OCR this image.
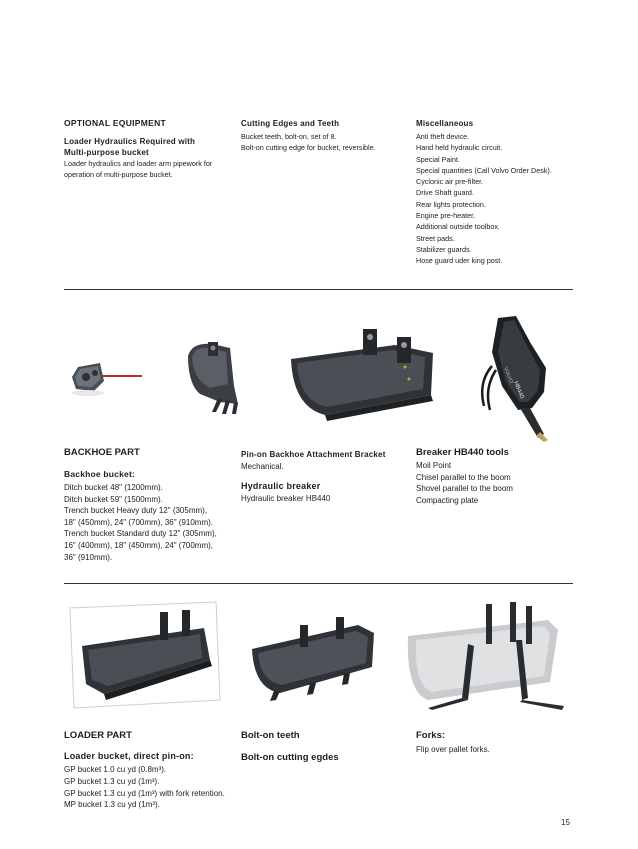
OPTIONAL EQUIPMENT
Loader Hydraulics Required with
Multi-purpose bucket
Loader hydraulics and loader arm pipework for
operation of multi-purpose bucket.
Cutting Edges and Teeth
Bucket teeth, bolt-on, set of 8.
Bolt-on cutting edge for bucket, reversible.
Miscellaneous
Anti theft device.
Hand held hydraulic circuit.
Special Paint.
Special quantities (Call Volvo Order Desk).
Cyclonic air pre-filter.
Drive Shaft guard.
Rear lights protection.
Engine pre-heater.
Additional outside toolbox.
Street pads.
Stabilizer guards.
Hose guard uder king post.
HB440
VOLVO
BACKHOE PART
Backhoe bucket:
Ditch bucket 48" (1200mm).
Ditch bucket 59" (1500mm).
Trench bucket Heavy duty 12" (305mm),
18" (450mm), 24" (700mm), 36" (910mm).
Trench bucket Standard duty 12" (305mm),
16" (400mm), 18" (450mm), 24" (700mm),
36" (910mm).
Pin-on Backhoe Attachment Bracket
Mechanical.
Hydraulic breaker
Hydraulic breaker HB440
Breaker HB440 tools
Moil Point
Chisel parallel to the boom
Shovel parallel to the boom
Compacting plate
LOADER PART
Loader bucket, direct pin-on:
GP bucket 1.0 cu yd (0.8m³).
GP bucket 1.3 cu yd (1m³).
GP bucket 1.3 cu yd (1m³) with fork retention.
MP bucket 1.3 cu yd (1m³).
Bolt-on teeth
Bolt-on cutting egdes
Forks:
Flip over pallet forks.
15
